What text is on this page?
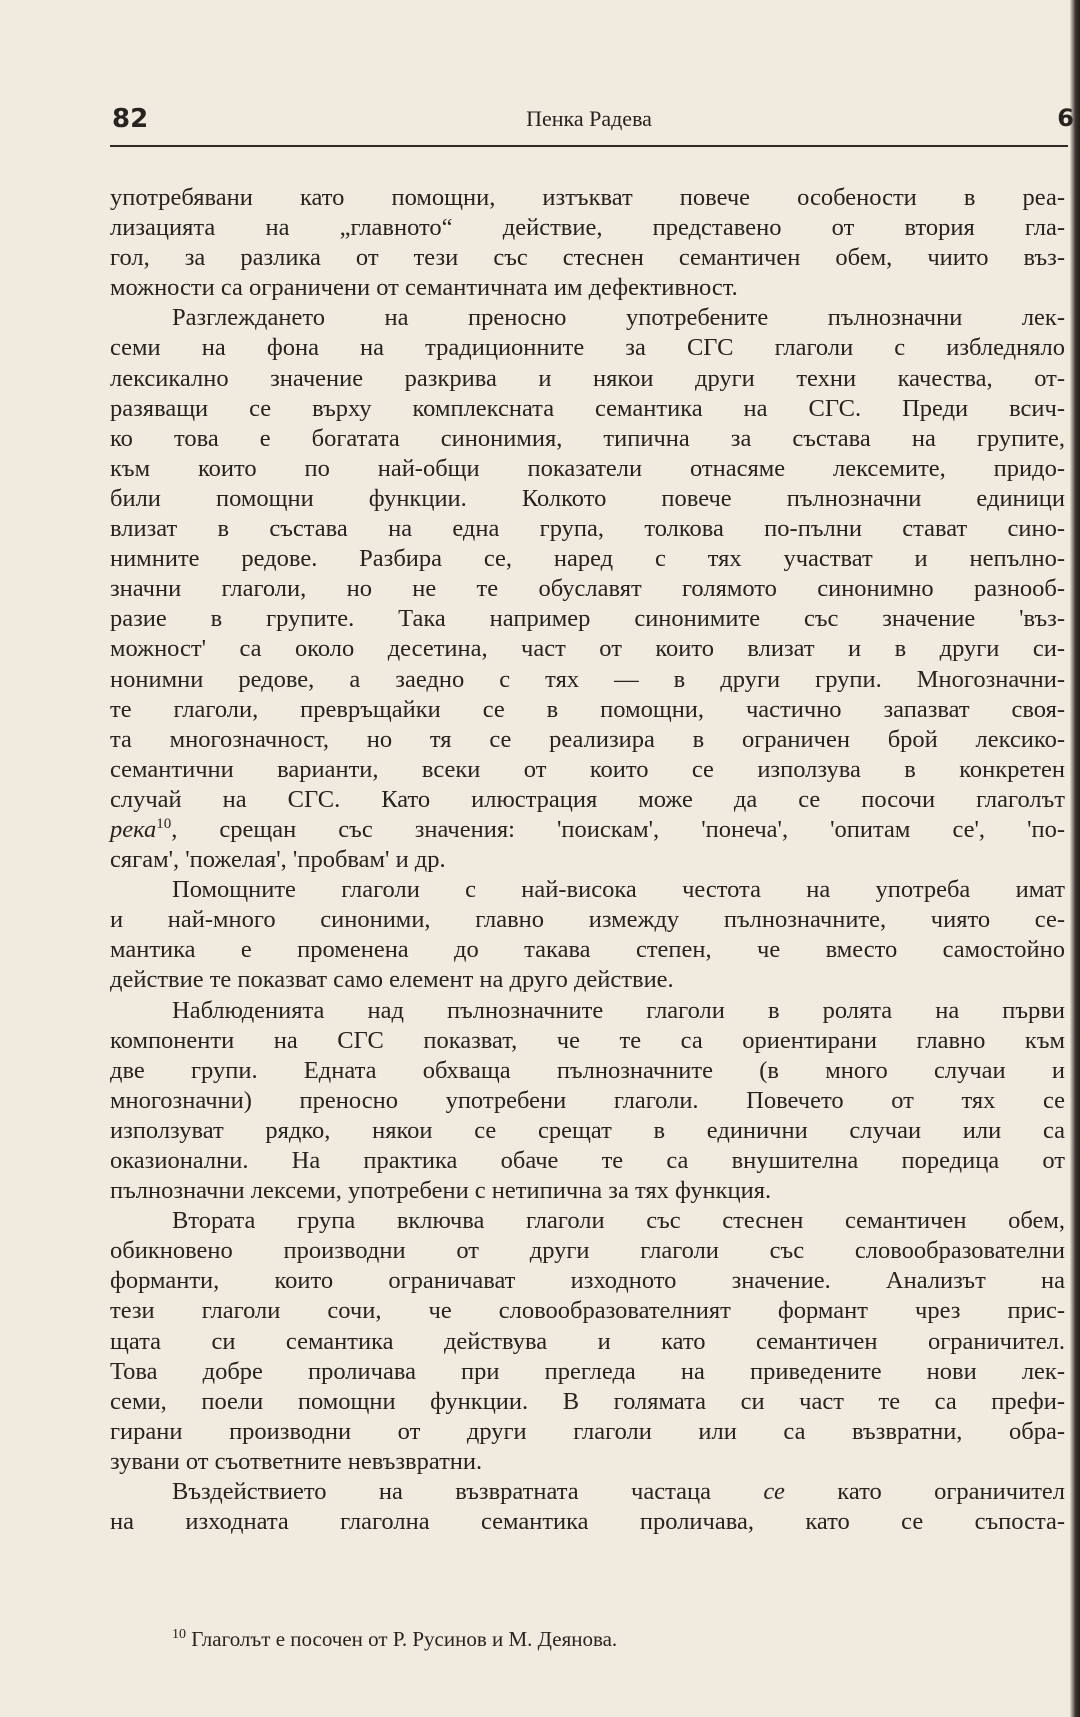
82	Пенка Радева	6
употребявани като помощни, изтъкват повече особености в реа-
лизацията на „главното“ действие, представено от втория гла-
гол, за разлика от тези със стеснен семантичен обем, чиито въз-
можности са ограничени от семантичната им дефективност.
Разглеждането на преносно употребените пълнозначни лек-
семи на фона на традиционните за СГС глаголи с избледняло
лексикално значение разкрива и някои други техни качества, от-
разяващи се върху комплексната семантика на СГС. Преди всич-
ко това е богатата синонимия, типична за състава на групите,
към които по най-общи показатели отнасяме лексемите, придо-
били помощни функции. Колкото повече пълнозначни единици
влизат в състава на една група, толкова по-пълни стават сино-
нимните редове. Разбира се, наред с тях участват и непълно-
значни глаголи, но не те обуславят голямото синонимно разнооб-
разие в групите. Така например синонимите със значение 'въз-
можност' са около десетина, част от които влизат и в други си-
нонимни редове, а заедно с тях — в други групи. Многозначни-
те глаголи, превръщайки се в помощни, частично запазват своя-
та многозначност, но тя се реализира в ограничен брой лексико-
семантични варианти, всеки от които се използува в конкретен
случай на СГС. Като илюстрация може да се посочи глаголът
река$^{10}$, срещан със значения: 'поискам', 'понеча', 'опитам се', 'по-
сягам', 'пожелая', 'пробвам' и др.
Помощните глаголи с най-висока честота на употреба имат
и най-много синоними, главно измежду пълнозначните, чиято се-
мантика е променена до такава степен, че вместо самостойно
действие те показват само елемент на друго действие.
Наблюденията над пълнозначните глаголи в ролята на първи
компоненти на СГС показват, че те са ориентирани главно към
две групи. Едната обхваща пълнозначните (в много случаи и
многозначни) преносно употребени глаголи. Повечето от тях се
използуват рядко, някои се срещат в единични случаи или са
оказионални. На практика обаче те са внушителна поредица от
пълнозначни лексеми, употребени с нетипична за тях функция.
Втората група включва глаголи със стеснен семантичен обем,
обикновено производни от други глаголи със словообразователни
форманти, които ограничават изходното значение. Анализът на
тези глаголи сочи, че словообразователният формант чрез прис-
щата си семантика действува и като семантичен ограничител.
Това добре проличава при прегледа на приведените нови лек-
семи, поели помощни функции. В голямата си част те са префи-
гирани производни от други глаголи или са възвратни, обра-
зувани от съответните невъзвратни.
Въздействието на възвратната частаца се като ограничител
на изходната глаголна семантика проличава, като се съпоста-
$^{10}$ Глаголът е посочен от Р. Русинов и М. Деянова.
